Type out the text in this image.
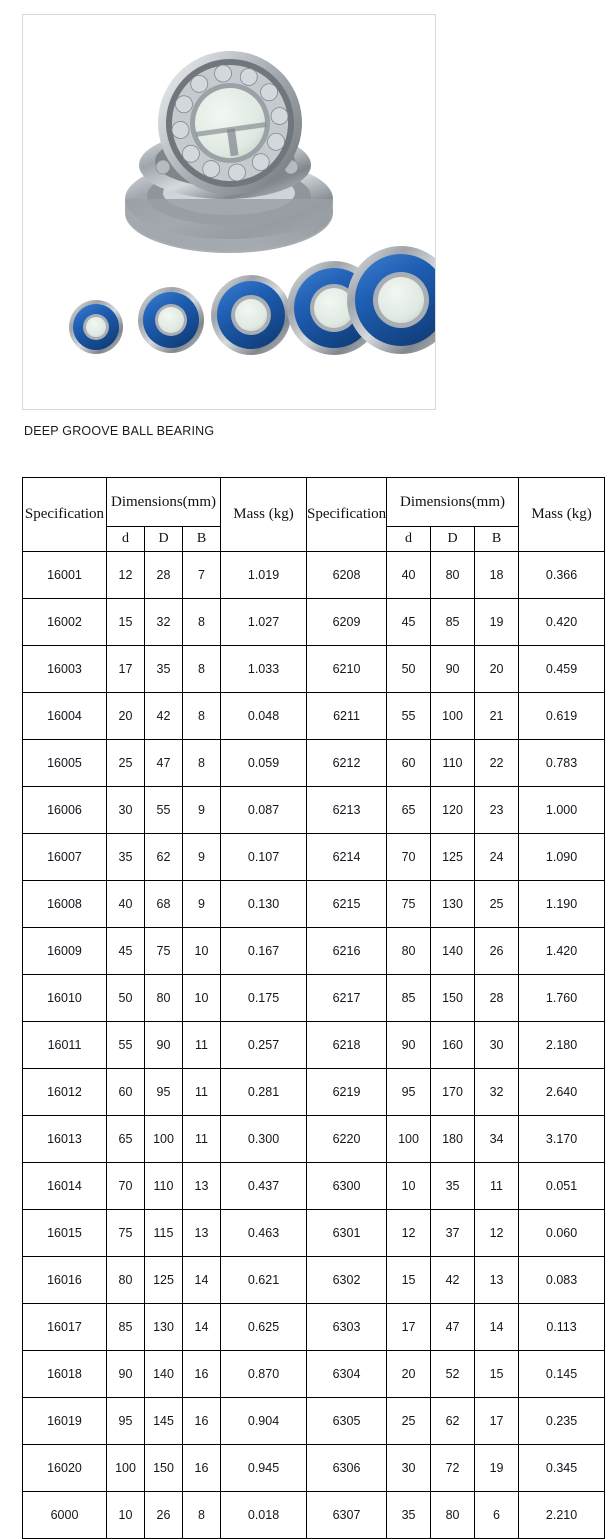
DEEP GROOVE BALL BEARING
Specification	Dimensions(mm)			Mass (kg)	Specification	Dimensions(mm)			Mass (kg)
	d	D	B			d	D	B	
16001	12	28	7	1.019	6208	40	80	18	0.366
16002	15	32	8	1.027	6209	45	85	19	0.420
16003	17	35	8	1.033	6210	50	90	20	0.459
16004	20	42	8	0.048	6211	55	100	21	0.619
16005	25	47	8	0.059	6212	60	110	22	0.783
16006	30	55	9	0.087	6213	65	120	23	1.000
16007	35	62	9	0.107	6214	70	125	24	1.090
16008	40	68	9	0.130	6215	75	130	25	1.190
16009	45	75	10	0.167	6216	80	140	26	1.420
16010	50	80	10	0.175	6217	85	150	28	1.760
16011	55	90	11	0.257	6218	90	160	30	2.180
16012	60	95	11	0.281	6219	95	170	32	2.640
16013	65	100	11	0.300	6220	100	180	34	3.170
16014	70	110	13	0.437	6300	10	35	11	0.051
16015	75	115	13	0.463	6301	12	37	12	0.060
16016	80	125	14	0.621	6302	15	42	13	0.083
16017	85	130	14	0.625	6303	17	47	14	0.113
16018	90	140	16	0.870	6304	20	52	15	0.145
16019	95	145	16	0.904	6305	25	62	17	0.235
16020	100	150	16	0.945	6306	30	72	19	0.345
6000	10	26	8	0.018	6307	35	80	6	2.210
